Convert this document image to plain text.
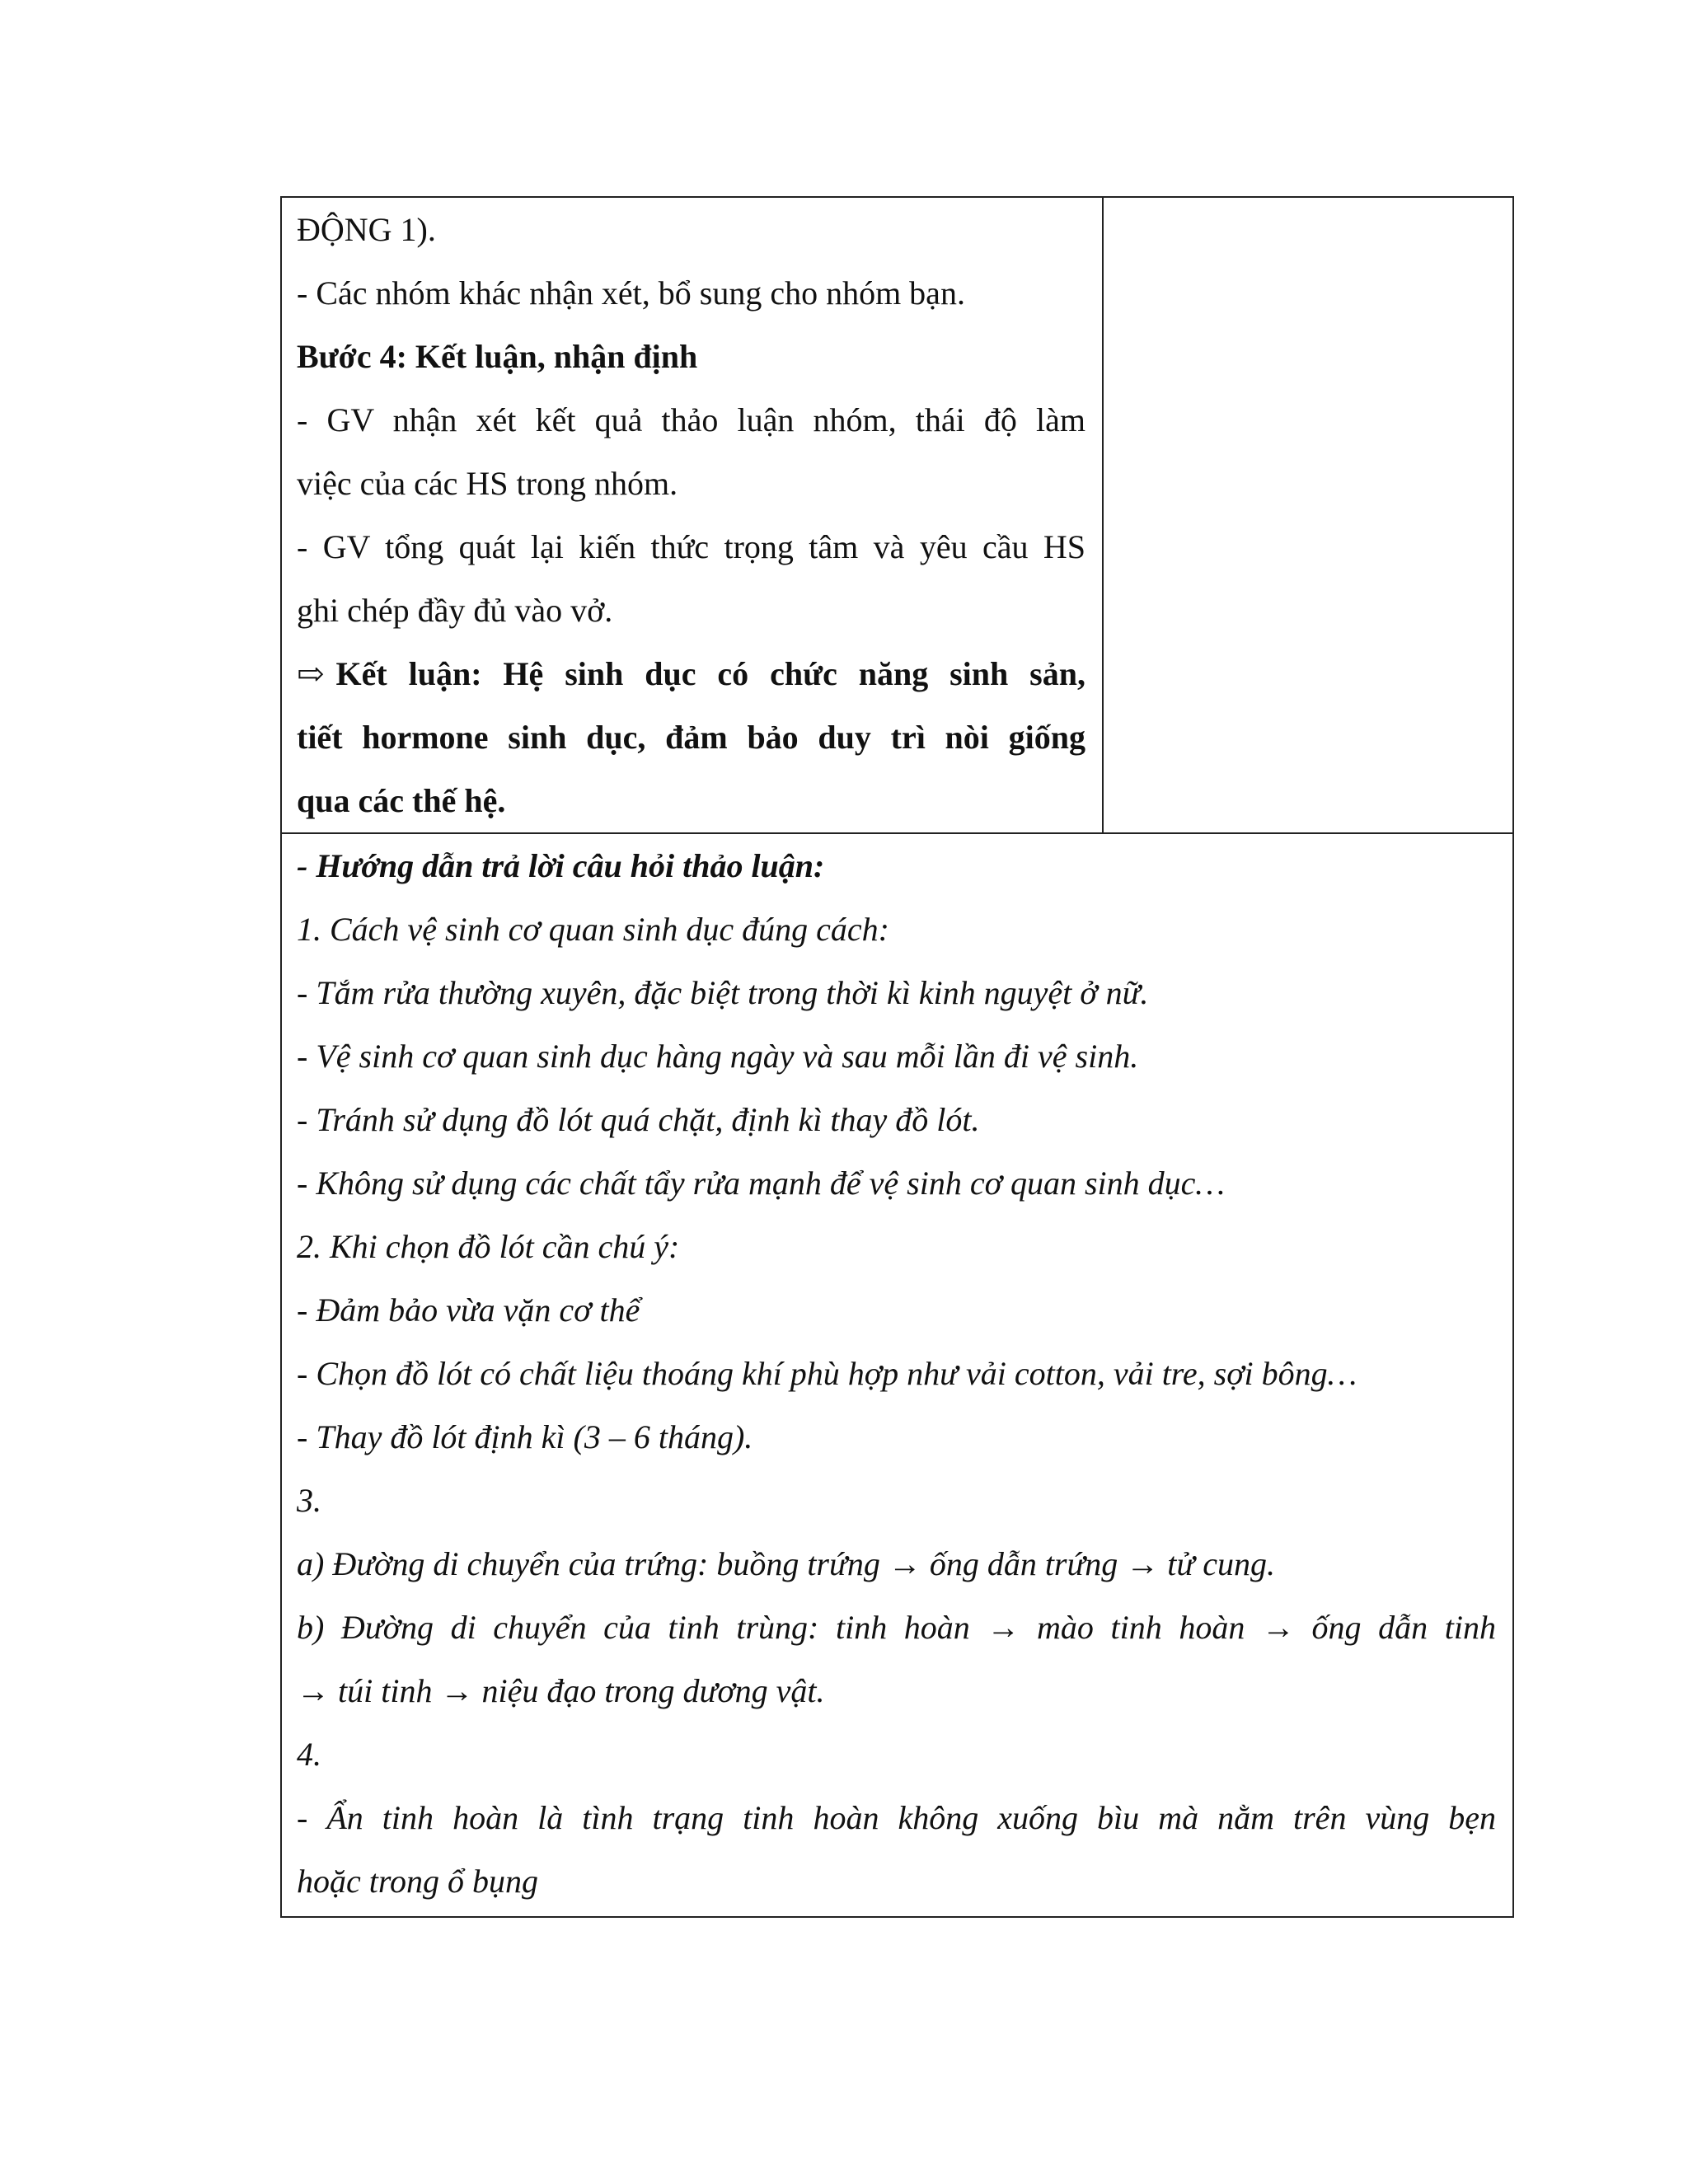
ĐỘNG 1).
- Các nhóm khác nhận xét, bổ sung cho nhóm bạn.
Bước 4: Kết luận, nhận định
- GV nhận xét kết quả thảo luận nhóm, thái độ làm
việc của các HS trong nhóm.
- GV tổng quát lại kiến thức trọng tâm và yêu cầu HS
ghi chép đầy đủ vào vở.
⇨ Kết luận: Hệ sinh dục có chức năng sinh sản,
tiết hormone sinh dục, đảm bảo duy trì nòi giống
qua các thế hệ.

- Hướng dẫn trả lời câu hỏi thảo luận:
1. Cách vệ sinh cơ quan sinh dục đúng cách:
- Tắm rửa thường xuyên, đặc biệt trong thời kì kinh nguyệt ở nữ.
- Vệ sinh cơ quan sinh dục hàng ngày và sau mỗi lần đi vệ sinh.
- Tránh sử dụng đồ lót quá chặt, định kì thay đồ lót.
- Không sử dụng các chất tẩy rửa mạnh để vệ sinh cơ quan sinh dục…
2. Khi chọn đồ lót cần chú ý:
- Đảm bảo vừa vặn cơ thể
- Chọn đồ lót có chất liệu thoáng khí phù hợp như vải cotton, vải tre, sợi bông…
- Thay đồ lót định kì (3 – 6 tháng).
3.
a) Đường di chuyển của trứng: buồng trứng → ống dẫn trứng → tử cung.
b) Đường di chuyển của tinh trùng: tinh hoàn → mào tinh hoàn → ống dẫn tinh
→ túi tinh → niệu đạo trong dương vật.
4.
- Ẩn tinh hoàn là tình trạng tinh hoàn không xuống bìu mà nằm trên vùng bẹn
hoặc trong ổ bụng
